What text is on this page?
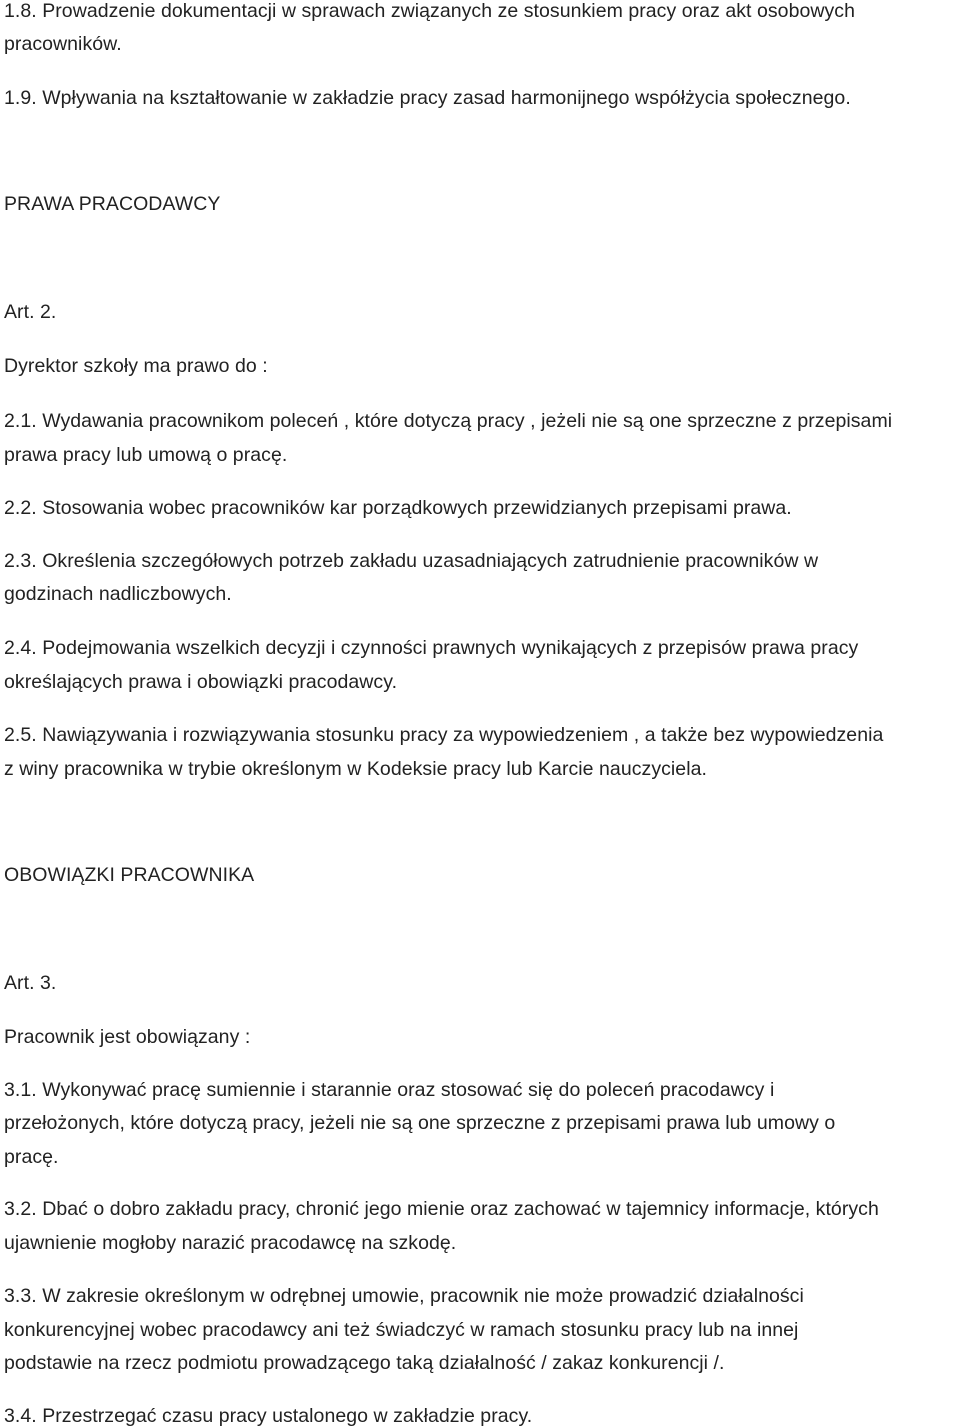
1.8. Prowadzenie dokumentacji w sprawach związanych ze stosunkiem pracy oraz akt osobowych
pracowników.
1.9. Wpływania na kształtowanie w zakładzie pracy zasad harmonijnego współżycia społecznego.
PRAWA PRACODAWCY
Art. 2.
Dyrektor szkoły ma prawo do :
2.1. Wydawania pracownikom poleceń , które dotyczą pracy , jeżeli nie są one sprzeczne z przepisami
prawa pracy lub umową o pracę.
2.2. Stosowania wobec pracowników kar porządkowych przewidzianych przepisami prawa.
2.3. Określenia szczegółowych potrzeb zakładu uzasadniających zatrudnienie pracowników w
godzinach nadliczbowych.
2.4. Podejmowania wszelkich decyzji i czynności prawnych wynikających z przepisów prawa pracy
określających prawa i obowiązki pracodawcy.
2.5. Nawiązywania i rozwiązywania stosunku pracy za wypowiedzeniem , a także bez wypowiedzenia
z winy pracownika w trybie określonym w Kodeksie pracy lub Karcie nauczyciela.
OBOWIĄZKI PRACOWNIKA
Art. 3.
Pracownik jest obowiązany :
3.1. Wykonywać pracę sumiennie i starannie oraz stosować się do poleceń pracodawcy i
przełożonych, które dotyczą pracy, jeżeli nie są one sprzeczne z przepisami prawa lub umowy o
pracę.
3.2. Dbać o dobro zakładu pracy, chronić jego mienie oraz zachować w tajemnicy informacje, których
ujawnienie mogłoby narazić pracodawcę na szkodę.
3.3. W zakresie określonym w odrębnej umowie, pracownik nie może prowadzić działalności
konkurencyjnej wobec pracodawcy ani też świadczyć w ramach stosunku pracy lub na innej
podstawie na rzecz podmiotu prowadzącego taką działalność / zakaz konkurencji /.
3.4. Przestrzegać czasu pracy ustalonego w zakładzie pracy.
